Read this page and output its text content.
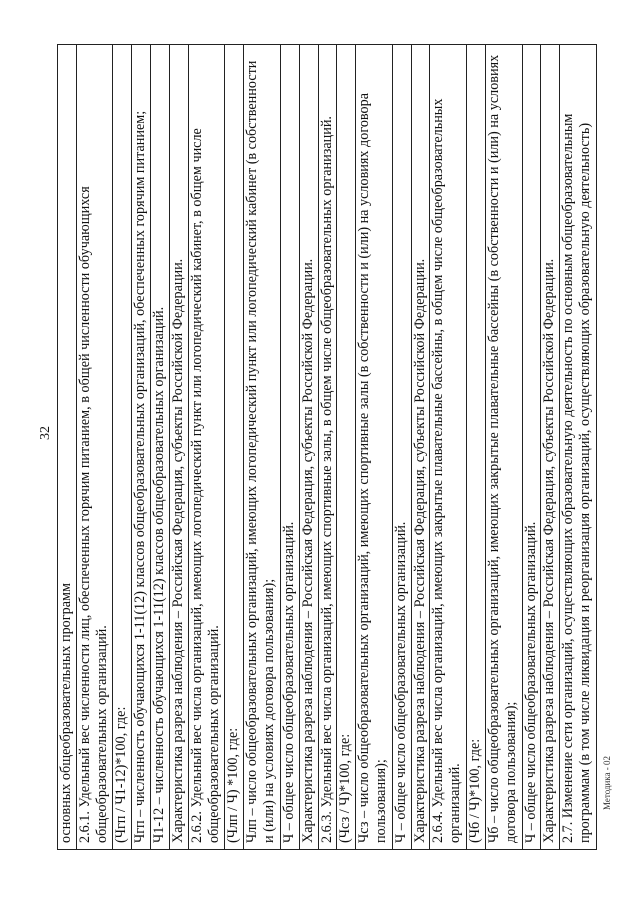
32
Методика - 02
основных общеобразовательных программ
2.6.1. Удельный вес численности лиц, обеспеченных горячим питанием, в общей численности обучающихся общеобразовательных организаций.
(Чгп / Ч1-12)*100, где:
Чгп – численность обучающихся 1-11(12) классов общеобразовательных организаций, обеспеченных горячим питанием;
Ч1-12 – численность обучающихся 1-11(12) классов общеобразовательных организаций.
Характеристика разреза наблюдения – Российская Федерация, субъекты Российской Федерации.
2.6.2. Удельный вес числа организаций, имеющих логопедический пункт или логопедический кабинет, в общем числе общеобразовательных организаций.
(Члп / Ч) *100, где:
Члп – число общеобразовательных организаций, имеющих логопедический пункт или логопедический кабинет (в собственности и (или) на условиях договора пользования);
Ч – общее число общеобразовательных организаций.
Характеристика разреза наблюдения – Российская Федерация, субъекты Российской Федерации.
2.6.3. Удельный вес числа организаций, имеющих спортивные залы, в общем числе общеобразовательных организаций.
(Чсз / Ч)*100, где:
Чсз – число общеобразовательных организаций, имеющих спортивные залы (в собственности и (или) на условиях договора пользования);
Ч – общее число общеобразовательных организаций.
Характеристика разреза наблюдения – Российская Федерация, субъекты Российской Федерации.
2.6.4. Удельный вес числа организаций, имеющих закрытые плавательные бассейны, в общем числе общеобразовательных организаций.
(Чб / Ч)*100, где:
Чб – число общеобразовательных организаций, имеющих закрытые плавательные бассейны (в собственности и (или) на условиях договора пользования);
Ч – общее число общеобразовательных организаций.
Характеристика разреза наблюдения – Российская Федерация, субъекты Российской Федерации.
2.7. Изменение сети организаций, осуществляющих образовательную деятельность по основным общеобразовательным программам (в том числе ликвидация и реорганизация организаций, осуществляющих образовательную деятельность)
